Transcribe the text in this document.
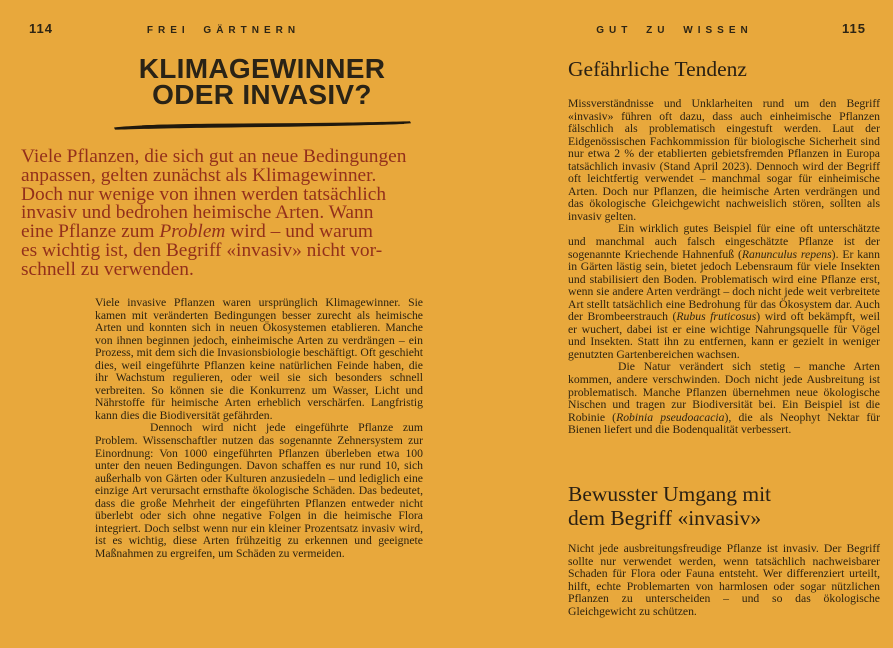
114	FREI GÄRTNERN
KLIMAGEWINNER
ODER INVASIV?
Viele Pflanzen, die sich gut an neue Bedingungen
anpassen, gelten zunächst als Klimagewinner.
Doch nur wenige von ihnen werden tatsächlich
invasiv und bedrohen heimische Arten. Wann
eine Pflanze zum Problem wird – und warum
es wichtig ist, den Begriff «invasiv» nicht vor-
schnell zu verwenden.

Viele invasive Pflanzen waren ursprünglich Klimagewinner. Sie kamen mit veränderten Bedingungen besser zurecht als heimische Arten und konnten sich in neuen Ökosystemen etablieren. Manche von ihnen beginnen jedoch, einheimische Arten zu verdrängen – ein Prozess, mit dem sich die Invasionsbiologie beschäftigt. Oft geschieht dies, weil eingeführte Pflanzen keine natürlichen Feinde haben, die ihr Wachstum regulieren, oder weil sie sich besonders schnell verbreiten. So können sie die Konkurrenz um Wasser, Licht und Nährstoffe für heimische Arten erheblich verschärfen. Langfristig kann dies die Biodiversität gefährden.

Dennoch wird nicht jede eingeführte Pflanze zum Problem. Wissenschaftler nutzen das sogenannte Zehnersystem zur Einordnung: Von 1000 eingeführten Pflanzen überleben etwa 100 unter den neuen Bedingungen. Davon schaffen es nur rund 10, sich außerhalb von Gärten oder Kulturen anzusiedeln – und lediglich eine einzige Art verursacht ernsthafte ökologische Schäden. Das bedeutet, dass die große Mehrheit der eingeführten Pflanzen entweder nicht überlebt oder sich ohne negative Folgen in die heimische Flora integriert. Doch selbst wenn nur ein kleiner Prozentsatz invasiv wird, ist es wichtig, diese Arten frühzeitig zu erkennen und geeignete Maßnahmen zu ergreifen, um Schäden zu vermeiden.

GUT ZU WISSEN	115
Gefährliche Tendenz

Missverständnisse und Unklarheiten rund um den Begriff «invasiv» führen oft dazu, dass auch einheimische Pflanzen fälschlich als problematisch eingestuft werden. Laut der Eidgenössischen Fachkommission für biologische Sicherheit sind nur etwa 2 % der etablierten gebietsfremden Pflanzen in Europa tatsächlich invasiv (Stand April 2023). Dennoch wird der Begriff oft leichtfertig verwendet – manchmal sogar für einheimische Arten. Doch nur Pflanzen, die heimische Arten verdrängen und das ökologische Gleichgewicht nachweislich stören, sollten als invasiv gelten.

Ein wirklich gutes Beispiel für eine oft unterschätzte und manchmal auch falsch eingeschätzte Pflanze ist der sogenannte Kriechende Hahnenfuß (Ranunculus repens). Er kann in Gärten lästig sein, bietet jedoch Lebensraum für viele Insekten und stabilisiert den Boden. Problematisch wird eine Pflanze erst, wenn sie andere Arten verdrängt – doch nicht jede weit verbreitete Art stellt tatsächlich eine Bedrohung für das Ökosystem dar. Auch der Brombeerstrauch (Rubus fruticosus) wird oft bekämpft, weil er wuchert, dabei ist er eine wichtige Nahrungsquelle für Vögel und Insekten. Statt ihn zu entfernen, kann er gezielt in weniger genutzten Gartenbereichen wachsen.

Die Natur verändert sich stetig – manche Arten kommen, andere verschwinden. Doch nicht jede Ausbreitung ist problematisch. Manche Pflanzen übernehmen neue ökologische Nischen und tragen zur Biodiversität bei. Ein Beispiel ist die Robinie (Robinia pseudoacacia), die als Neophyt Nektar für Bienen liefert und die Bodenqualität verbessert.

Bewusster Umgang mit
dem Begriff «invasiv»

Nicht jede ausbreitungsfreudige Pflanze ist invasiv. Der Begriff sollte nur verwendet werden, wenn tatsächlich nachweisbarer Schaden für Flora oder Fauna entsteht. Wer differenziert urteilt, hilft, echte Problemarten von harmlosen oder sogar nützlichen Pflanzen zu unterscheiden – und so das ökologische Gleichgewicht zu schützen.
